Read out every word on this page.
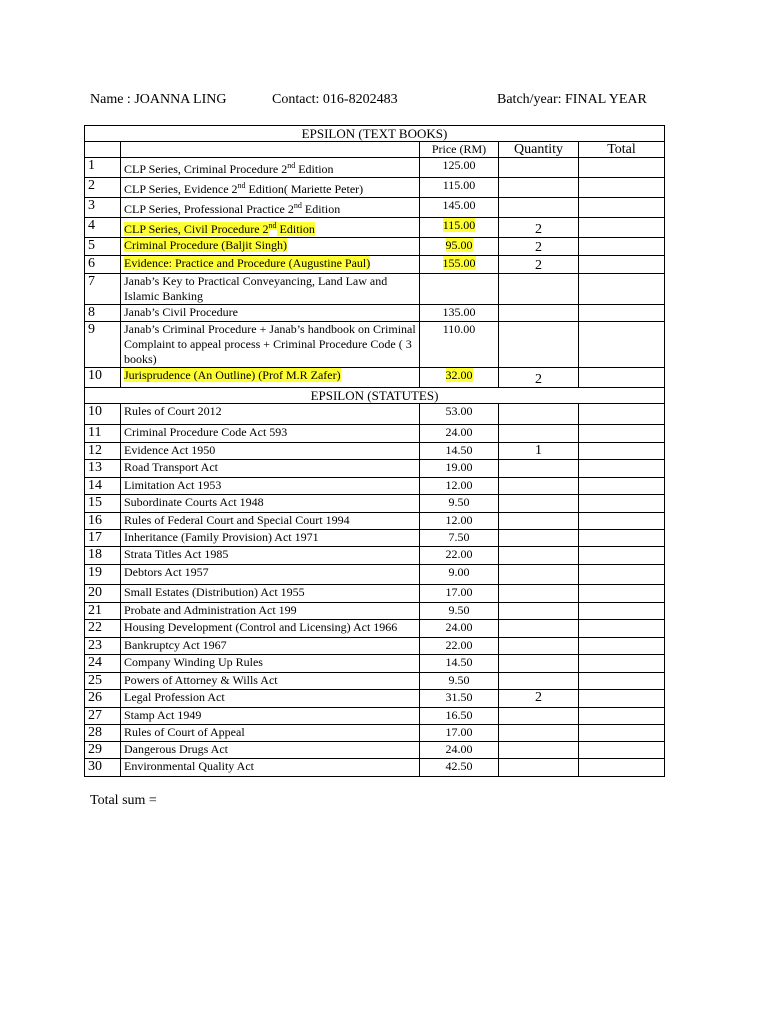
Name : JOANNA LING	Contact: 016-8202483	Batch/year: FINAL YEAR
EPSILON (TEXT BOOKS)				
		Price (RM)	Quantity	Total
1	CLP Series, Criminal Procedure 2nd Edition	125.00		
2	CLP Series, Evidence 2nd Edition( Mariette Peter)	115.00		
3	CLP Series, Professional Practice 2nd Edition	145.00		
4	CLP Series, Civil Procedure 2nd Edition	115.00	2	
5	Criminal Procedure (Baljit Singh)	95.00	2	
6	Evidence: Practice and Procedure (Augustine Paul)	155.00	2	
7	Janab’s Key to Practical Conveyancing, Land Law and Islamic Banking			
8	Janab’s Civil Procedure	135.00		
9	Janab’s Criminal Procedure + Janab’s handbook on Criminal Complaint to appeal process + Criminal Procedure Code ( 3 books)	110.00		
10	Jurisprudence (An Outline) (Prof M.R Zafer)	32.00	2	
EPSILON (STATUTES)				
10	Rules of Court 2012	53.00		
11	Criminal Procedure Code Act 593	24.00		
12	Evidence Act 1950	14.50	1	
13	Road Transport Act	19.00		
14	Limitation Act 1953	12.00		
15	Subordinate Courts Act 1948	9.50		
16	Rules of Federal Court and Special Court 1994	12.00		
17	Inheritance (Family Provision) Act 1971	7.50		
18	Strata Titles Act 1985	22.00		
19	Debtors Act 1957	9.00		
20	Small Estates (Distribution) Act 1955	17.00		
21	Probate and Administration Act 199	9.50		
22	Housing Development (Control and Licensing) Act 1966	24.00		
23	Bankruptcy Act 1967	22.00		
24	Company Winding Up Rules	14.50		
25	Powers of Attorney & Wills Act	9.50		
26	Legal Profession Act	31.50	2	
27	Stamp Act 1949	16.50		
28	Rules of Court of Appeal	17.00		
29	Dangerous Drugs Act	24.00		
30	Environmental Quality Act	42.50		
Total sum =
